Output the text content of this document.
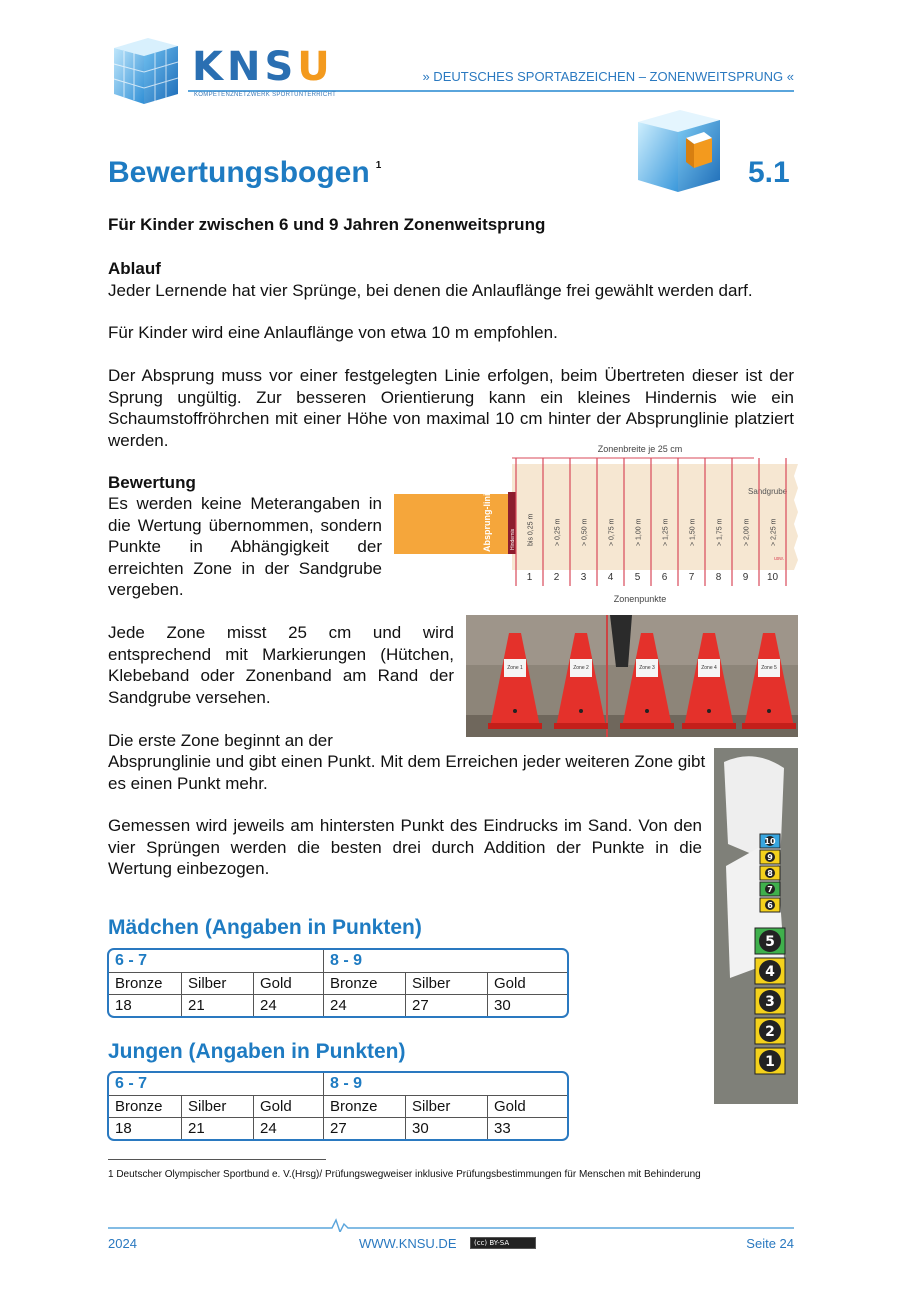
KNSU
KOMPETENZNETZWERK SPORTUNTERRICHT
» DEUTSCHES SPORTABZEICHEN – ZONENWEITSPRUNG «
Bewertungsbogen $^1$	5.1
Für Kinder zwischen 6 und 9 Jahren Zonenweitsprung
Ablauf
Jeder Lernende hat vier Sprünge, bei denen die Anlauflänge frei gewählt werden darf.
Für Kinder wird eine Anlauflänge von etwa 10 m empfohlen.
Der Absprung muss vor einer festgelegten Linie erfolgen, beim Übertreten dieser ist der Sprung ungültig. Zur besseren Orientierung kann ein kleines Hindernis wie ein Schaumstoffröhrchen mit einer Höhe von maximal 10 cm hinter der Absprunglinie platziert werden.
Bewertung
Es werden keine Meterangaben in die Wertung übernommen, sondern Punkte in Abhängigkeit der erreichten Zone in der Sandgrube vergeben.
Jede Zone misst 25 cm und wird entsprechend mit Markierungen (Hütchen, Klebeband oder Zonenband am Rand der Sandgrube versehen.
Die erste Zone beginnt an der
Absprunglinie und gibt einen Punkt. Mit dem Erreichen jeder weiteren Zone gibt es einen Punkt mehr.
Gemessen wird jeweils am hintersten Punkt des Eindrucks im Sand. Von den vier Sprüngen werden die besten drei durch Addition der Punkte in die Wertung einbezogen.
Zonenbreite je 25 cm
Absprung-linie	Hindernis
Sandgrube
usw.
bis 0,25 m
1
> 0,25 m
2
> 0,50 m
3
> 0,75 m
4
> 1,00 m
5
> 1,25 m
6
> 1,50 m
7
> 1,75 m
8
> 2,00 m
9
> 2,25 m
10
Zonenpunkte
Zone 1	Zone 2	Zone 3	Zone 4	Zone 5
1
2
3
4
5
6
7
8
9
10
Mädchen (Angaben in Punkten)
6 - 7			8 - 9		
Bronze	Silber	Gold	Bronze	Silber	Gold
18	21	24	24	27	30
Jungen (Angaben in Punkten)
6 - 7			8 - 9		
Bronze	Silber	Gold	Bronze	Silber	Gold
18	21	24	27	30	33
1 Deutscher Olympischer Sportbund e. V.(Hrsg)/ Prüfungswegweiser inklusive Prüfungsbestimmungen für Menschen mit Behinderung
2024	WWW.KNSU.DE	(cc) BY-SA	Seite 24
